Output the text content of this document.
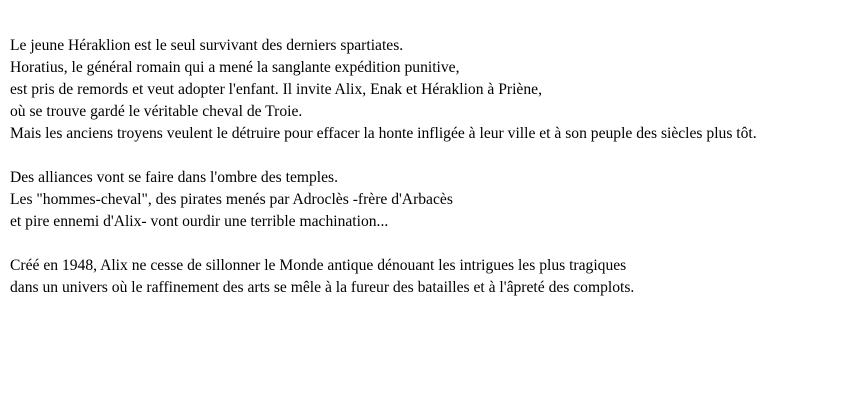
Le jeune Héraklion est le seul survivant des derniers spartiates.
Horatius, le général romain qui a mené la sanglante expédition punitive,
est pris de remords et veut adopter l'enfant. Il invite Alix, Enak et Héraklion à Priène,
où se trouve gardé le véritable cheval de Troie.
Mais les anciens troyens veulent le détruire pour effacer la honte infligée à leur ville et à son peuple des siècles plus tôt.
Des alliances vont se faire dans l'ombre des temples.
Les "hommes-cheval", des pirates menés par Adroclès -frère d'Arbacès
et pire ennemi d'Alix- vont ourdir une terrible machination...
Créé en 1948, Alix ne cesse de sillonner le Monde antique dénouant les intrigues les plus tragiques
dans un univers où le raffinement des arts se mêle à la fureur des batailles et à l'âpreté des complots.
